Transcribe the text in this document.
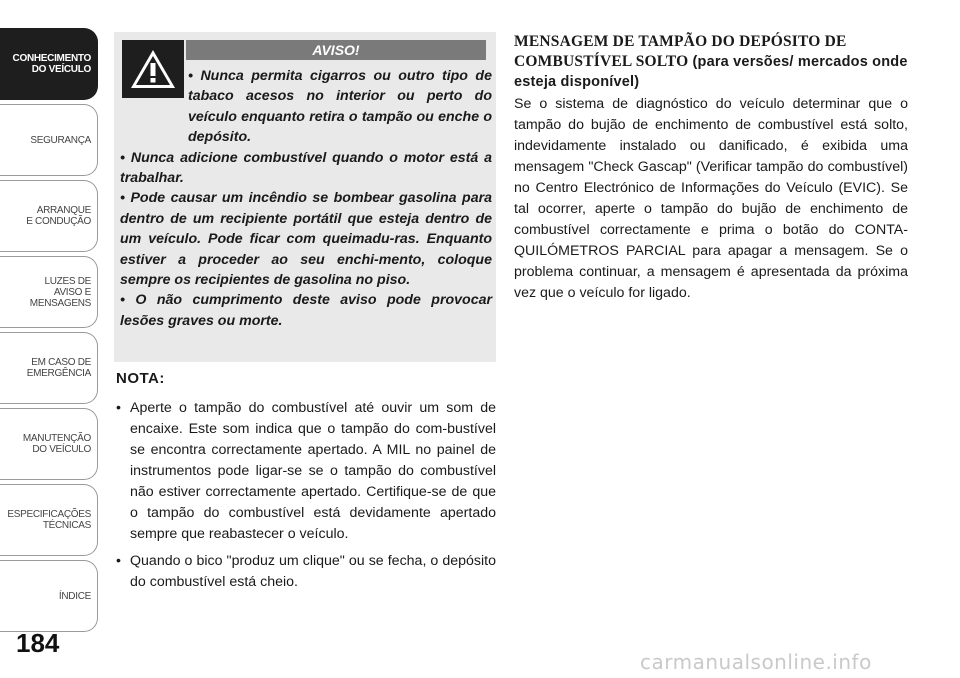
CONHECIMENTO
DO VEÍCULO
SEGURANÇA
ARRANQUE
E CONDUÇÃO
LUZES DE
AVISO E
MENSAGENS
EM CASO DE
EMERGÊNCIA
MANUTENÇÃO
DO VEÍCULO
ESPECIFICAÇÕES
TÉCNICAS
ÍNDICE
184
AVISO!

• Nunca permita cigarros ou outro tipo de tabaco acesos no interior ou perto do veículo enquanto retira o tampão ou enche o depósito.

• Nunca adicione combustível quando o motor está a trabalhar.

• Pode causar um incêndio se bombear gasolina para dentro de um recipiente portátil que esteja dentro de um veículo. Pode ficar com queimadu-ras. Enquanto estiver a proceder ao seu enchi-mento, coloque sempre os recipientes de gasolina no piso.

• O não cumprimento deste aviso pode provocar lesões graves ou morte.

NOTA:
• Aperte o tampão do combustível até ouvir um som de encaixe. Este som indica que o tampão do com-bustível se encontra correctamente apertado. A MIL no painel de instrumentos pode ligar-se se o tampão do combustível não estiver correctamente apertado. Certifique-se de que o tampão do combustível está devidamente apertado sempre que reabastecer o veículo.
• Quando o bico "produz um clique" ou se fecha, o depósito do combustível está cheio.
MENSAGEM DE TAMPÃO DO DEPÓSITO DE COMBUSTÍVEL SOLTO (para versões/ mercados onde esteja disponível)

Se o sistema de diagnóstico do veículo determinar que o tampão do bujão de enchimento de combustível está solto, indevidamente instalado ou danificado, é exibida uma mensagem "Check Gascap" (Verificar tampão do combustível) no Centro Electrónico de Informações do Veículo (EVIC). Se tal ocorrer, aperte o tampão do bujão de enchimento de combustível correctamente e prima o botão do CONTA-QUILÓMETROS PARCIAL para apagar a mensagem. Se o problema continuar, a mensagem é apresentada da próxima vez que o veículo for ligado.

carmanualsonline.info
